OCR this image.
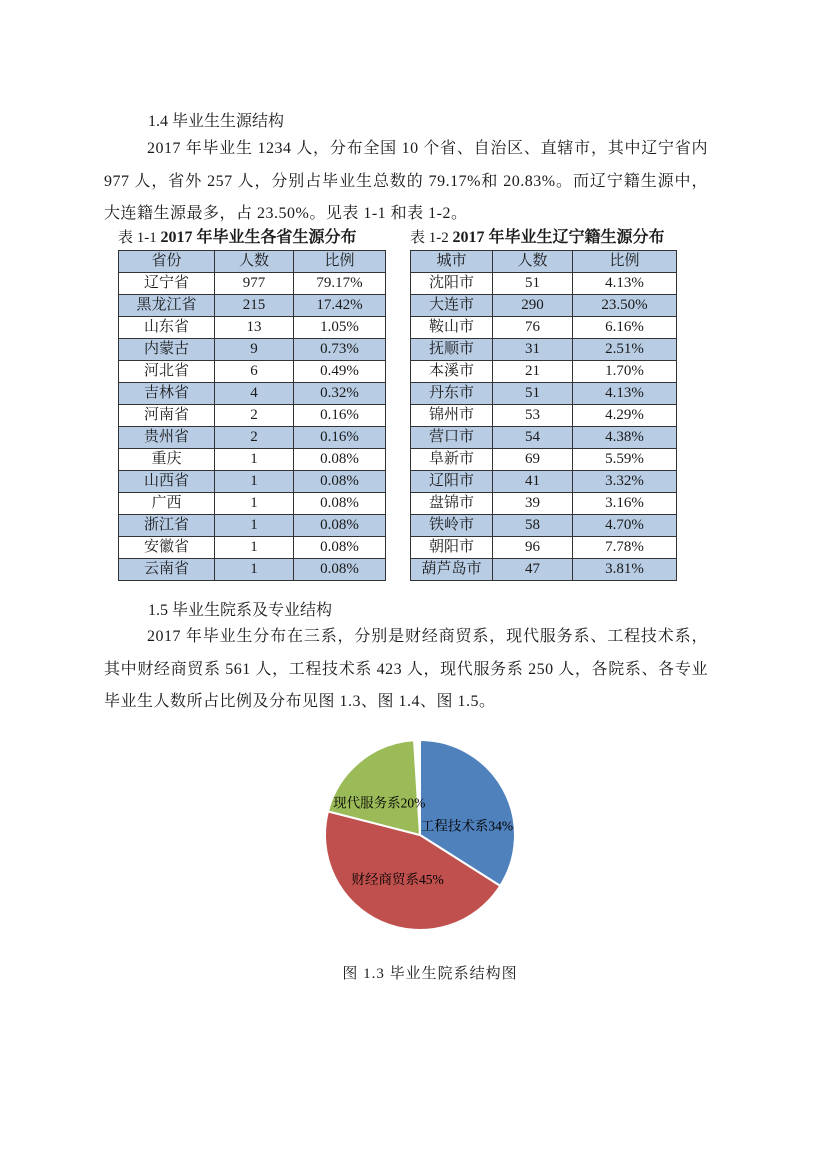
1.4 毕业生生源结构

2017 年毕业生 1234 人，分布全国 10 个省、自治区、直辖市，其中辽宁省内 977 人，省外 257 人，分别占毕业生总数的 79.17%和 20.83%。而辽宁籍生源中，大连籍生源最多，占 23.50%。见表 1-1 和表 1-2。

表 1-1 2017 年毕业生各省生源分布
省份	人数	比例
辽宁省	977	79.17%
黑龙江省	215	17.42%
山东省	13	1.05%
内蒙古	9	0.73%
河北省	6	0.49%
吉林省	4	0.32%
河南省	2	0.16%
贵州省	2	0.16%
重庆	1	0.08%
山西省	1	0.08%
广西	1	0.08%
浙江省	1	0.08%
安徽省	1	0.08%
云南省	1	0.08%
表 1-2 2017 年毕业生辽宁籍生源分布
城市	人数	比例
沈阳市	51	4.13%
大连市	290	23.50%
鞍山市	76	6.16%
抚顺市	31	2.51%
本溪市	21	1.70%
丹东市	51	4.13%
锦州市	53	4.29%
营口市	54	4.38%
阜新市	69	5.59%
辽阳市	41	3.32%
盘锦市	39	3.16%
铁岭市	58	4.70%
朝阳市	96	7.78%
葫芦岛市	47	3.81%
1.5 毕业生院系及专业结构

2017 年毕业生分布在三系，分别是财经商贸系，现代服务系、工程技术系，其中财经商贸系 561 人，工程技术系 423 人，现代服务系 250 人，各院系、各专业毕业生人数所占比例及分布见图 1.3、图 1.4、图 1.5。

工程技术系34%
财经商贸系45%
现代服务系20%
图 1.3 毕业生院系结构图
